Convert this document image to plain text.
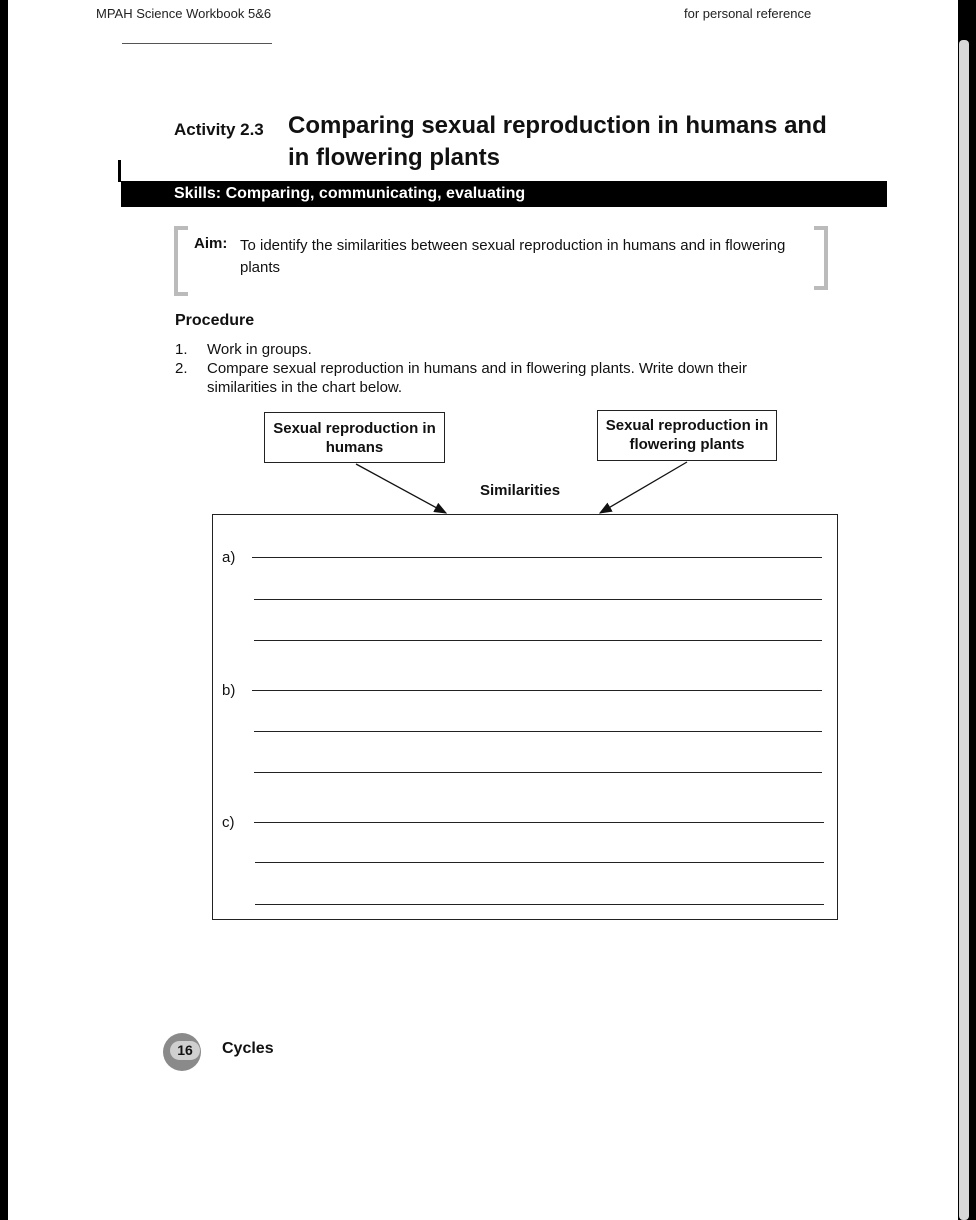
MPAH Science Workbook 5&6	for personal reference
Activity 2.3 Comparing sexual reproduction in humans and in flowering plants
Skills: Comparing, communicating, evaluating
Aim: To identify the similarities between sexual reproduction in humans and in flowering plants
Procedure
1.	Work in groups.
2.	Compare sexual reproduction in humans and in flowering plants. Write down their similarities in the chart below.
Sexual reproduction in humans
Sexual reproduction in flowering plants
Similarities
a)
b)
c)
16	Cycles
